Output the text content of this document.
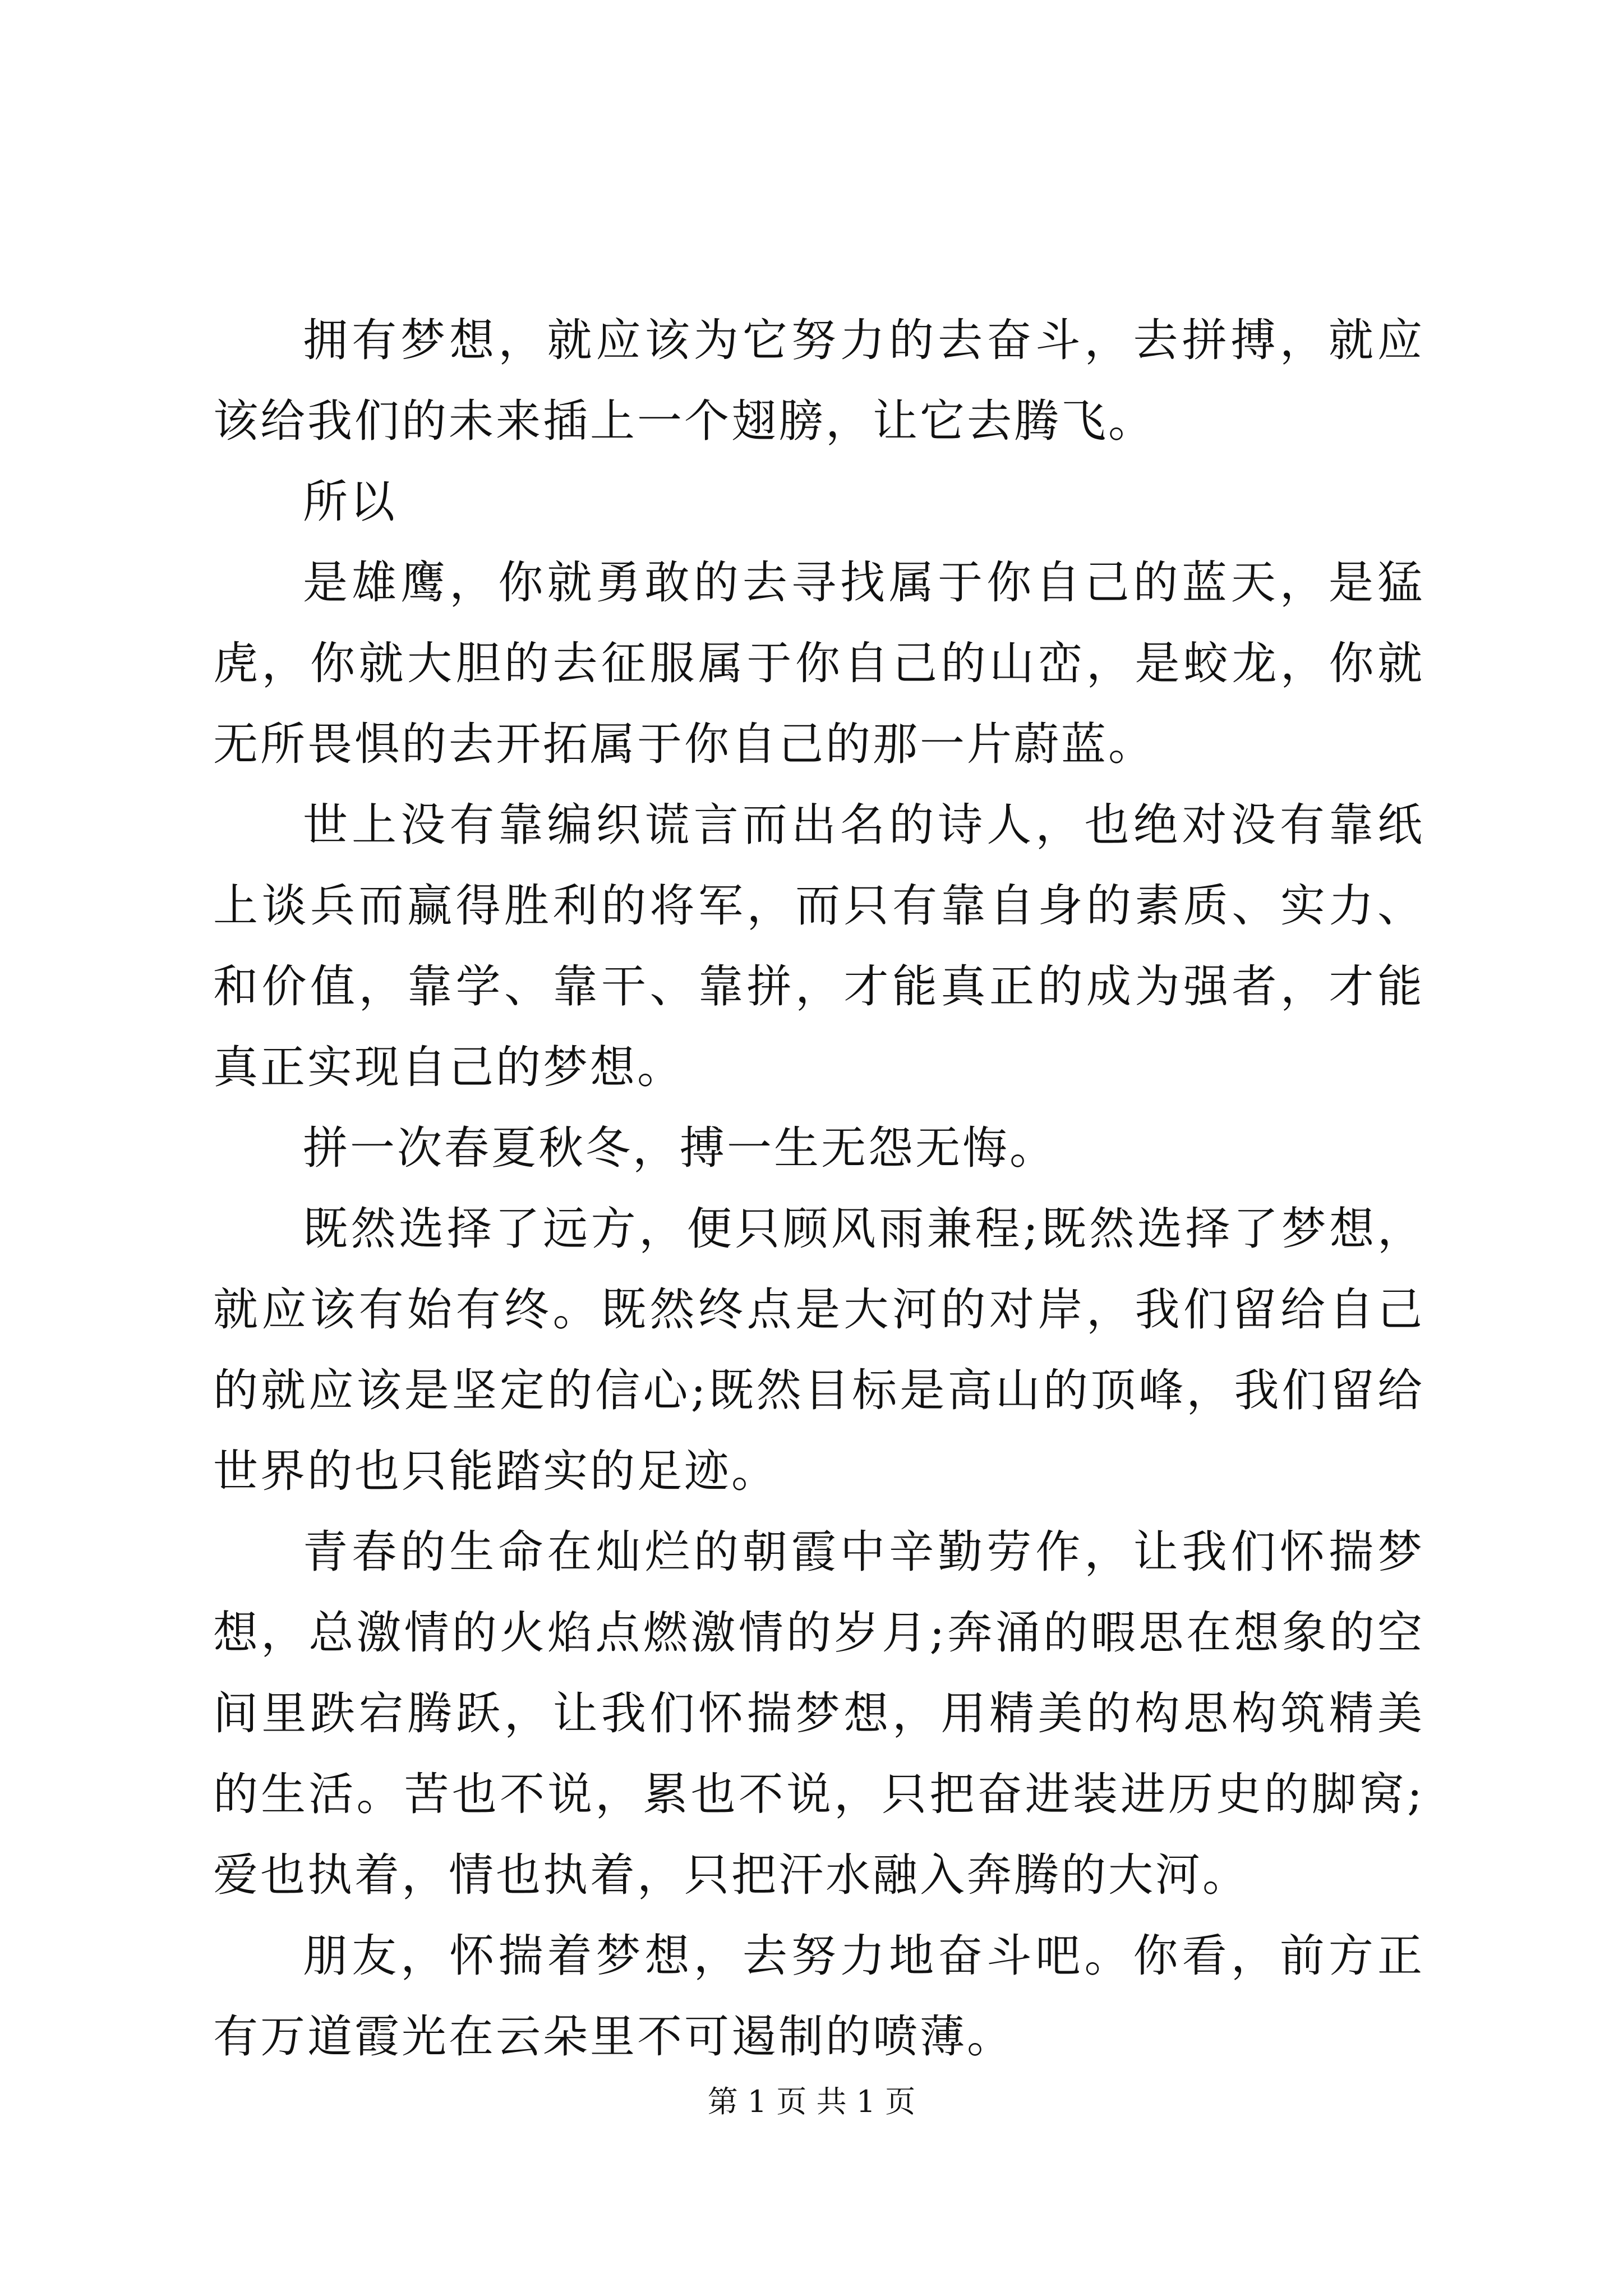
拥有梦想，就应该为它努力的去奋斗，去拼搏，就应该给我们的未来插上一个翅膀，让它去腾飞。

所以

是雄鹰，你就勇敢的去寻找属于你自己的蓝天，是猛虎，你就大胆的去征服属于你自己的山峦，是蛟龙，你就无所畏惧的去开拓属于你自己的那一片蔚蓝。

世上没有靠编织谎言而出名的诗人，也绝对没有靠纸上谈兵而赢得胜利的将军，而只有靠自身的素质、实力、和价值，靠学、靠干、靠拼，才能真正的成为强者，才能真正实现自己的梦想。

拼一次春夏秋冬，搏一生无怨无悔。

既然选择了远方，便只顾风雨兼程;既然选择了梦想，就应该有始有终。既然终点是大河的对岸，我们留给自己的就应该是坚定的信心;既然目标是高山的顶峰，我们留给世界的也只能踏实的足迹。

青春的生命在灿烂的朝霞中辛勤劳作，让我们怀揣梦想，总激情的火焰点燃激情的岁月;奔涌的暇思在想象的空间里跌宕腾跃，让我们怀揣梦想，用精美的构思构筑精美的生活。苦也不说，累也不说，只把奋进装进历史的脚窝;爱也执着，情也执着，只把汗水融入奔腾的大河。

朋友，怀揣着梦想，去努力地奋斗吧。你看，前方正有万道霞光在云朵里不可遏制的喷薄。

第 1 页 共 1 页
